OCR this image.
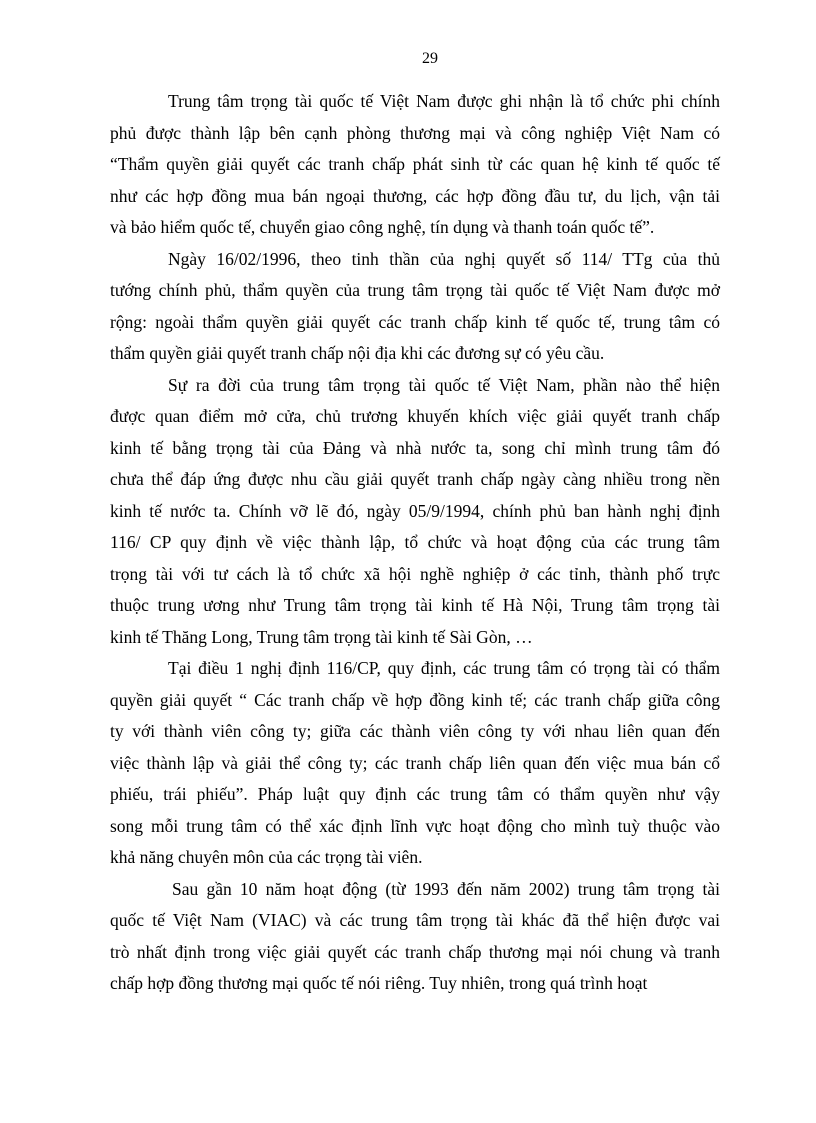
29
Trung tâm trọng tài quốc tế Việt Nam được ghi nhận là tổ chức phi chính
phủ được thành lập bên cạnh phòng thương mại và công nghiệp Việt Nam có
“Thẩm quyền giải quyết các tranh chấp phát sinh từ các quan hệ kinh tế quốc tế
như các hợp đồng mua bán ngoại thương, các hợp đồng đầu tư, du lịch, vận tải
và bảo hiểm quốc tế, chuyển giao công nghệ, tín dụng và thanh toán quốc tế”.
Ngày 16/02/1996, theo tinh thần của nghị quyết số 114/ TTg của thủ
tướng chính phủ, thẩm quyền của trung tâm trọng tài quốc tế Việt Nam được mở
rộng: ngoài thẩm quyền giải quyết các tranh chấp kinh tế quốc tế, trung tâm có
thẩm quyền giải quyết tranh chấp nội địa khi các đương sự có yêu cầu.
Sự ra đời của trung tâm trọng tài quốc tế Việt Nam, phần nào thể hiện
được quan điểm mở cửa, chủ trương khuyến khích việc giải quyết tranh chấp
kinh tế bằng trọng tài của Đảng và nhà nước ta, song chỉ mình trung tâm đó
chưa thể đáp ứng được nhu cầu giải quyết tranh chấp ngày càng nhiều trong nền
kinh tế nước ta. Chính vỡ lẽ đó, ngày 05/9/1994, chính phủ ban hành nghị định
116/ CP quy định về việc thành lập, tổ chức và hoạt động của các trung tâm
trọng tài với tư cách là tổ chức xã hội nghề nghiệp ở các tỉnh, thành phố trực
thuộc trung ương như Trung tâm trọng tài kinh tế Hà Nội, Trung tâm trọng tài
kinh tế Thăng Long, Trung tâm trọng tài kinh tế Sài Gòn, …
Tại điều 1 nghị định 116/CP, quy định, các trung tâm có trọng tài có thẩm
quyền giải quyết “ Các tranh chấp về hợp đồng kinh tế; các tranh chấp giữa công
ty với thành viên công ty; giữa các thành viên công ty với nhau liên quan đến
việc thành lập và giải thể công ty; các tranh chấp liên quan đến việc mua bán cổ
phiếu, trái phiếu”. Pháp luật quy định các trung tâm có thẩm quyền như vậy
song mỗi trung tâm có thể xác định lĩnh vực hoạt động cho mình tuỳ thuộc vào
khả năng chuyên môn của các trọng tài viên.
Sau gần 10 năm hoạt động (từ 1993 đến năm 2002) trung tâm trọng tài
quốc tế Việt Nam (VIAC) và các trung tâm trọng tài khác đã thể hiện được vai
trò nhất định trong việc giải quyết các tranh chấp thương mại nói chung và tranh
chấp hợp đồng thương mại quốc tế nói riêng. Tuy nhiên, trong quá trình hoạt
